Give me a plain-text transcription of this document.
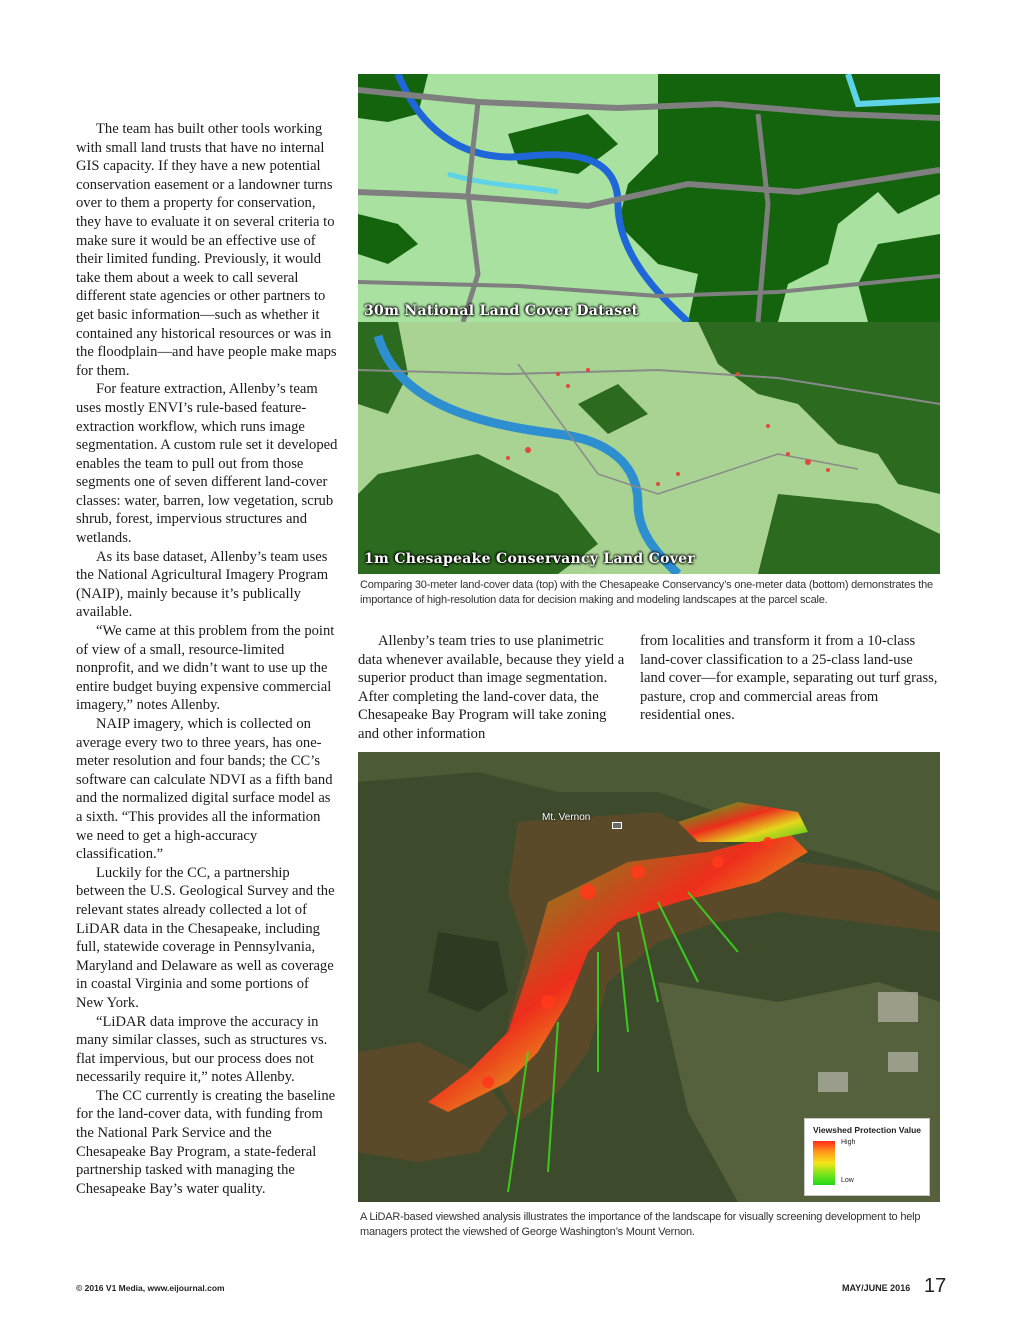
The team has built other tools working with small land trusts that have no internal GIS capacity. If they have a new potential conservation easement or a landowner turns over to them a property for conservation, they have to evaluate it on several criteria to make sure it would be an effective use of their limited funding. Previously, it would take them about a week to call several different state agencies or other partners to get basic information—such as whether it contained any historical resources or was in the floodplain—and have people make maps for them.

For feature extraction, Allenby’s team uses mostly ENVI’s rule-based feature-extraction workflow, which runs image segmentation. A custom rule set it developed enables the team to pull out from those segments one of seven different land-cover classes: water, barren, low vegetation, scrub shrub, forest, impervious structures and wetlands.

As its base dataset, Allenby’s team uses the National Agricultural Imagery Program (NAIP), mainly because it’s publically available.

“We came at this problem from the point of view of a small, resource-limited nonprofit, and we didn’t want to use up the entire budget buying expensive commercial imagery,” notes Allenby.

NAIP imagery, which is collected on average every two to three years, has one-meter resolution and four bands; the CC’s software can calculate NDVI as a fifth band and the normalized digital surface model as a sixth. “This provides all the information we need to get a high-accuracy classification.”

Luckily for the CC, a partnership between the U.S. Geological Survey and the relevant states already collected a lot of LiDAR data in the Chesapeake, including full, statewide coverage in Pennsylvania, Maryland and Delaware as well as coverage in coastal Virginia and some portions of New York.

“LiDAR data improve the accuracy in many similar classes, such as structures vs. flat impervious, but our process does not necessarily require it,” notes Allenby.

The CC currently is creating the baseline for the land-cover data, with funding from the National Park Service and the Chesapeake Bay Program, a state-federal partnership tasked with managing the Chesapeake Bay’s water quality.

30m National Land Cover Dataset
1m Chesapeake Conservancy Land Cover
Comparing 30-meter land-cover data (top) with the Chesapeake Conservancy’s one-meter data (bottom) demonstrates the importance of high-resolution data for decision making and modeling landscapes at the parcel scale.

Allenby’s team tries to use planimetric data whenever available, because they yield a superior product than image segmentation. After completing the land-cover data, the Chesapeake Bay Program will take zoning and other information

from localities and transform it from a 10-class land-cover classification to a 25-class land-use land cover—for example, separating out turf grass, pasture, crop and commercial areas from residential ones.

Mt. Vernon
Viewshed Protection Value
High
Low
A LiDAR-based viewshed analysis illustrates the importance of the landscape for visually screening development to help managers protect the viewshed of George Washington’s Mount Vernon.
© 2016 V1 Media, www.eijournal.com	MAY/JUNE 2016 17
